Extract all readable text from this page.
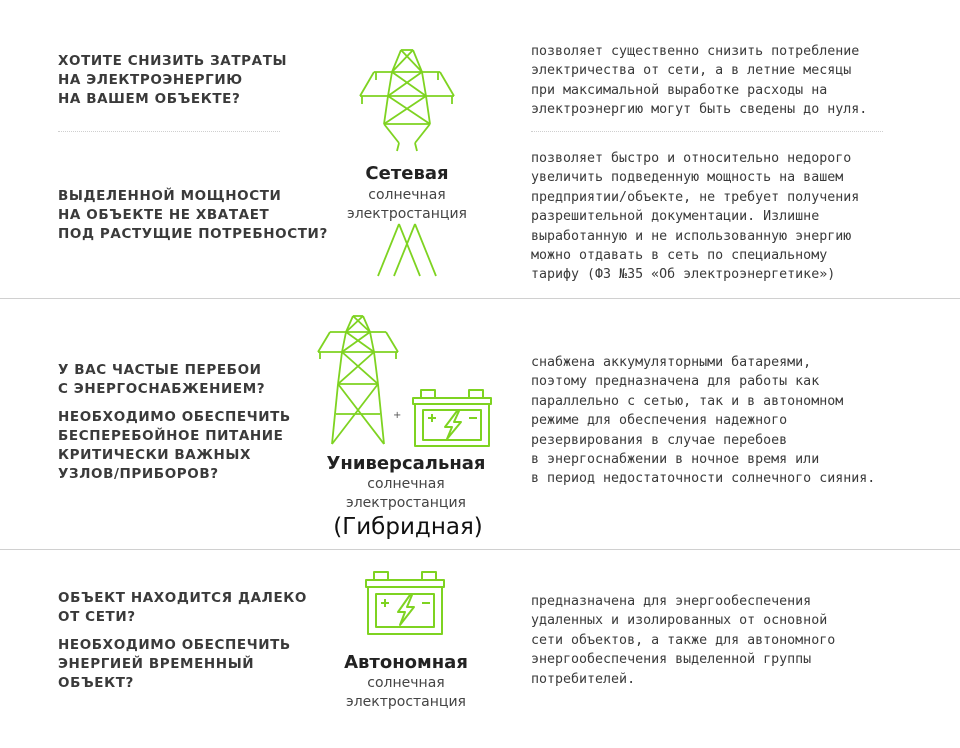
ХОТИТЕ СНИЗИТЬ ЗАТРАТЫ
НА ЭЛЕКТРОЭНЕРГИЮ
НА ВАШЕМ ОБЪЕКТЕ?
ВЫДЕЛЕННОЙ МОЩНОСТИ
НА ОБЪЕКТЕ НЕ ХВАТАЕТ
ПОД РАСТУЩИЕ ПОТРЕБНОСТИ?
Сетевая
солнечная
электростанция
позволяет существенно снизить потребление
электричества от сети, а в летние месяцы
при максимальной выработке расходы на
электроэнергию могут быть сведены до нуля.
позволяет быстро и относительно недорого
увеличить подведенную мощность на вашем
предприятии/объекте, не требует получения
разрешительной документации. Излишне
выработанную и не использованную энергию
можно отдавать в сеть по специальному
тарифу (ФЗ №35 «Об электроэнергетике»)
У ВАС ЧАСТЫЕ ПЕРЕБОИ
С ЭНЕРГОСНАБЖЕНИЕМ?
НЕОБХОДИМО ОБЕСПЕЧИТЬ
БЕСПЕРЕБОЙНОЕ ПИТАНИЕ
КРИТИЧЕСКИ ВАЖНЫХ
УЗЛОВ/ПРИБОРОВ?
+
Универсальная
солнечная
электростанция
(Гибридная)
снабжена аккумуляторными батареями,
поэтому предназначена для работы как
параллельно с сетью, так и в автономном
режиме для обеспечения надежного
резервирования в случае перебоев
в энергоснабжении в ночное время или
в период недостаточности солнечного сияния.
ОБЪЕКТ НАХОДИТСЯ ДАЛЕКО
ОТ СЕТИ?
НЕОБХОДИМО ОБЕСПЕЧИТЬ
ЭНЕРГИЕЙ ВРЕМЕННЫЙ
ОБЪЕКТ?
Автономная
солнечная
электростанция
предназначена для энергообеспечения
удаленных и изолированных от основной
сети объектов, а также для автономного
энергообеспечения выделенной группы
потребителей.
